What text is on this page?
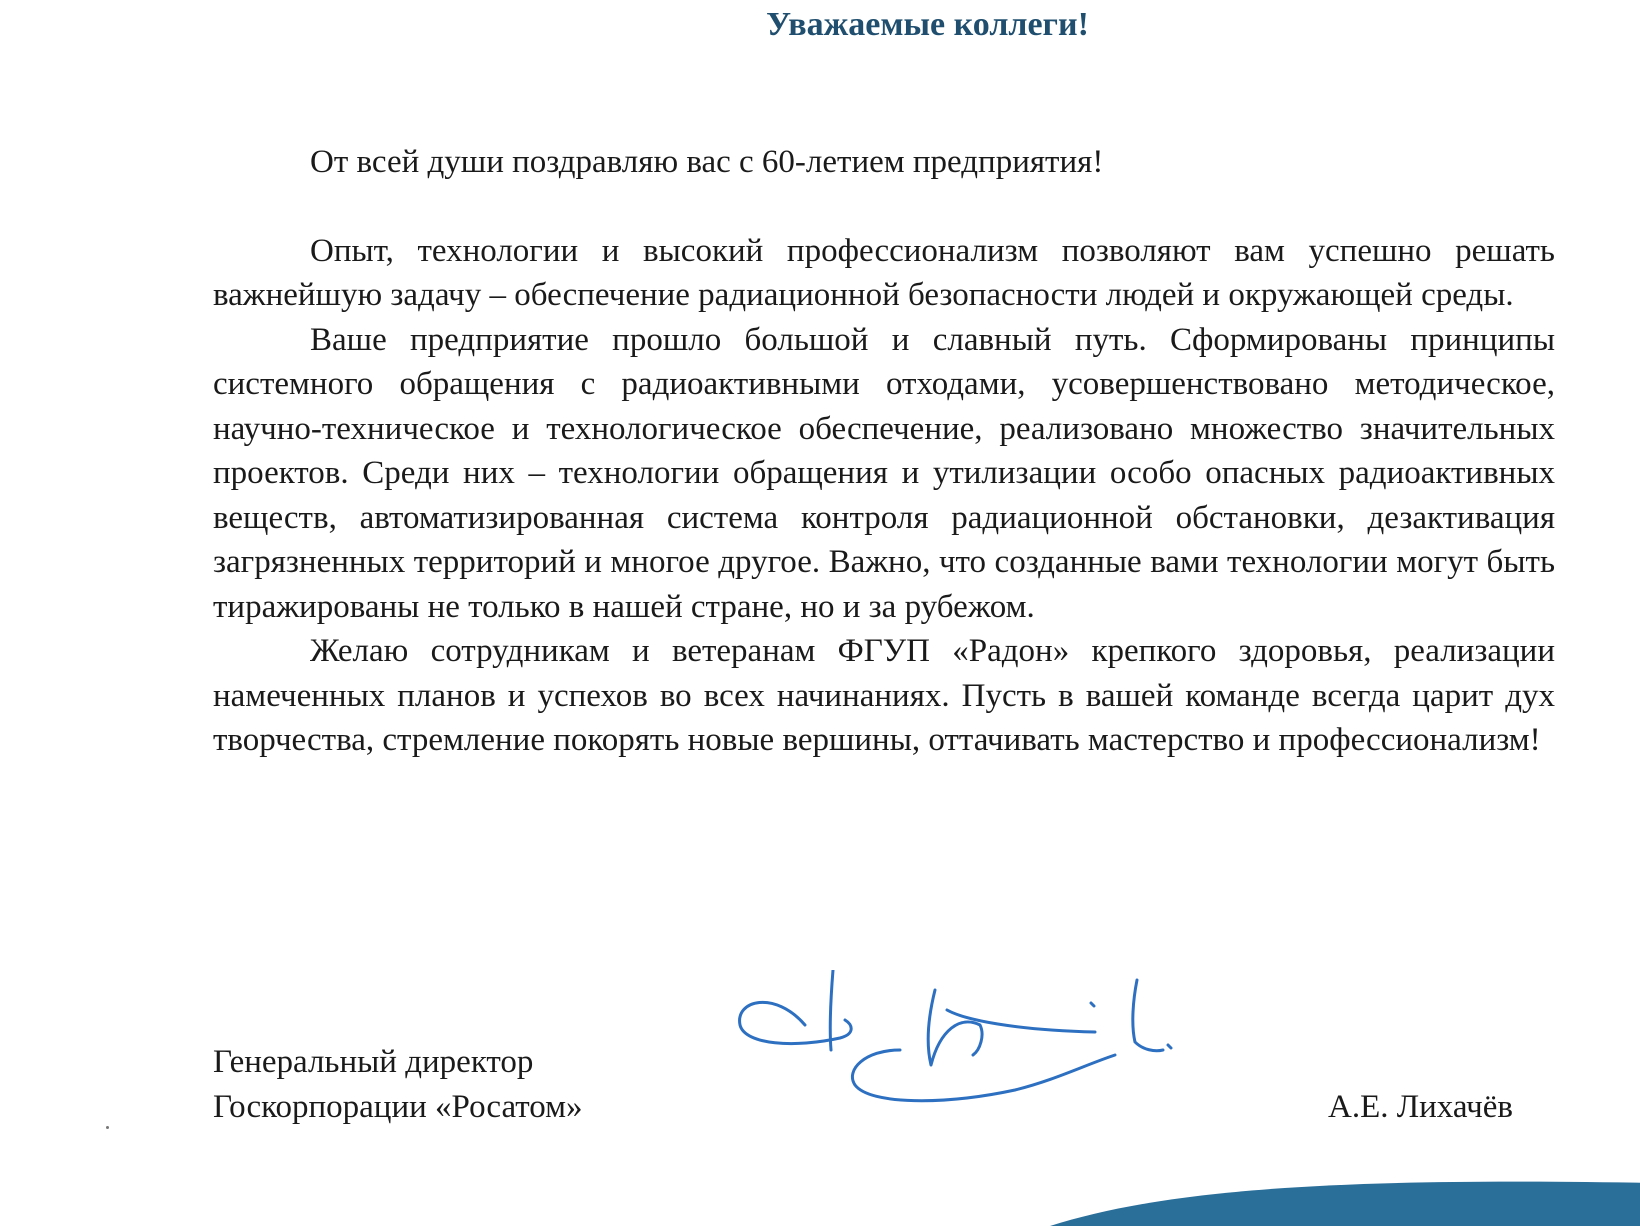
Уважаемые коллеги!

От всей души поздравляю вас с 60-летием предприятия!

Опыт, технологии и высокий профессионализм позволяют вам успешно решать важнейшую задачу – обеспечение радиационной безопасности людей и окружающей среды.

Ваше предприятие прошло большой и славный путь. Сформированы принципы системного обращения с радиоактивными отходами, усовершенствовано методическое, научно-техническое и технологическое обеспечение, реализовано множество значительных проектов. Среди них – технологии обращения и утилизации особо опасных радиоактивных веществ, автоматизированная система контроля радиационной обстановки, дезактивация загрязненных территорий и многое другое. Важно, что созданные вами технологии могут быть тиражированы не только в нашей стране, но и за рубежом.

Желаю сотрудникам и ветеранам ФГУП «Радон» крепкого здоровья, реализации намеченных планов и успехов во всех начинаниях. Пусть в вашей команде всегда царит дух творчества, стремление покорять новые вершины, оттачивать мастерство и профессионализм!

Генеральный директор
Госкорпорации «Росатом»	А.Е. Лихачёв
